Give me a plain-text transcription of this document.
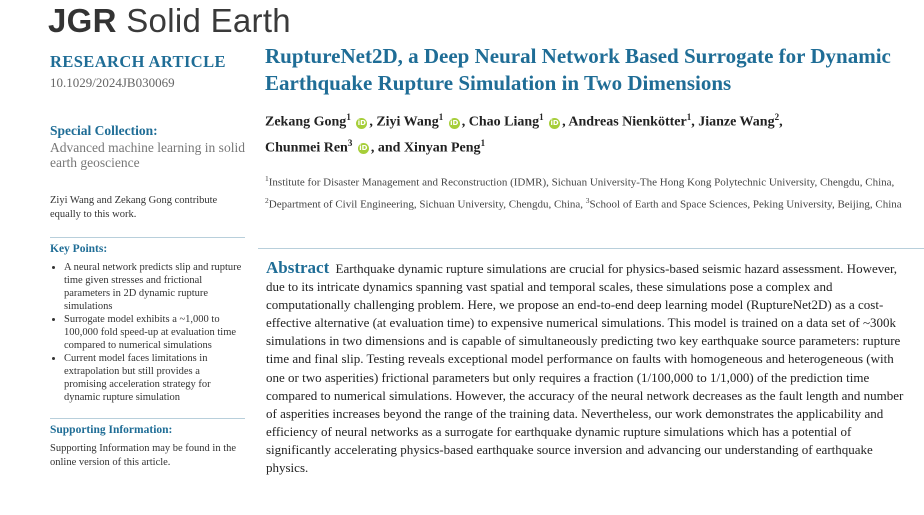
JGR Solid Earth
RESEARCH ARTICLE
10.1029/2024JB030069
Special Collection:
Advanced machine learning in solid earth geoscience
Ziyi Wang and Zekang Gong contribute equally to this work.
Key Points:
• A neural network predicts slip and rupture time given stresses and frictional parameters in 2D dynamic rupture simulations
• Surrogate model exhibits a ~1,000 to 100,000 fold speed-up at evaluation time compared to numerical simulations
• Current model faces limitations in extrapolation but still provides a promising acceleration strategy for dynamic rupture simulation
Supporting Information:
Supporting Information may be found in the online version of this article.
RuptureNet2D, a Deep Neural Network Based Surrogate for Dynamic Earthquake Rupture Simulation in Two Dimensions
Zekang Gong$^1$ iD , Ziyi Wang$^1$ iD , Chao Liang$^1$ iD , Andreas Nienkötter$^1$, Jianze Wang$^2$,
Chunmei Ren$^3$ iD , and Xinyan Peng$^1$
$^1$Institute for Disaster Management and Reconstruction (IDMR), Sichuan University-The Hong Kong Polytechnic University, Chengdu, China, $^2$Department of Civil Engineering, Sichuan University, Chengdu, China, $^3$School of Earth and Space Sciences, Peking University, Beijing, China
Abstract Earthquake dynamic rupture simulations are crucial for physics-based seismic hazard assessment. However, due to its intricate dynamics spanning vast spatial and temporal scales, these simulations pose a complex and computationally challenging problem. Here, we propose an end-to-end deep learning model (RuptureNet2D) as a cost-effective alternative (at evaluation time) to expensive numerical simulations. This model is trained on a data set of ~300k simulations in two dimensions and is capable of simultaneously predicting two key earthquake source parameters: rupture time and final slip. Testing reveals exceptional model performance on faults with homogeneous and heterogeneous (with one or two asperities) frictional parameters but only requires a fraction (1/100,000 to 1/1,000) of the prediction time compared to numerical simulations. However, the accuracy of the neural network decreases as the fault length and number of asperities increases beyond the range of the training data. Nevertheless, our work demonstrates the applicability and efficiency of neural networks as a surrogate for earthquake dynamic rupture simulations which has a potential of significantly accelerating physics-based earthquake source inversion and advancing our understanding of earthquake physics.
